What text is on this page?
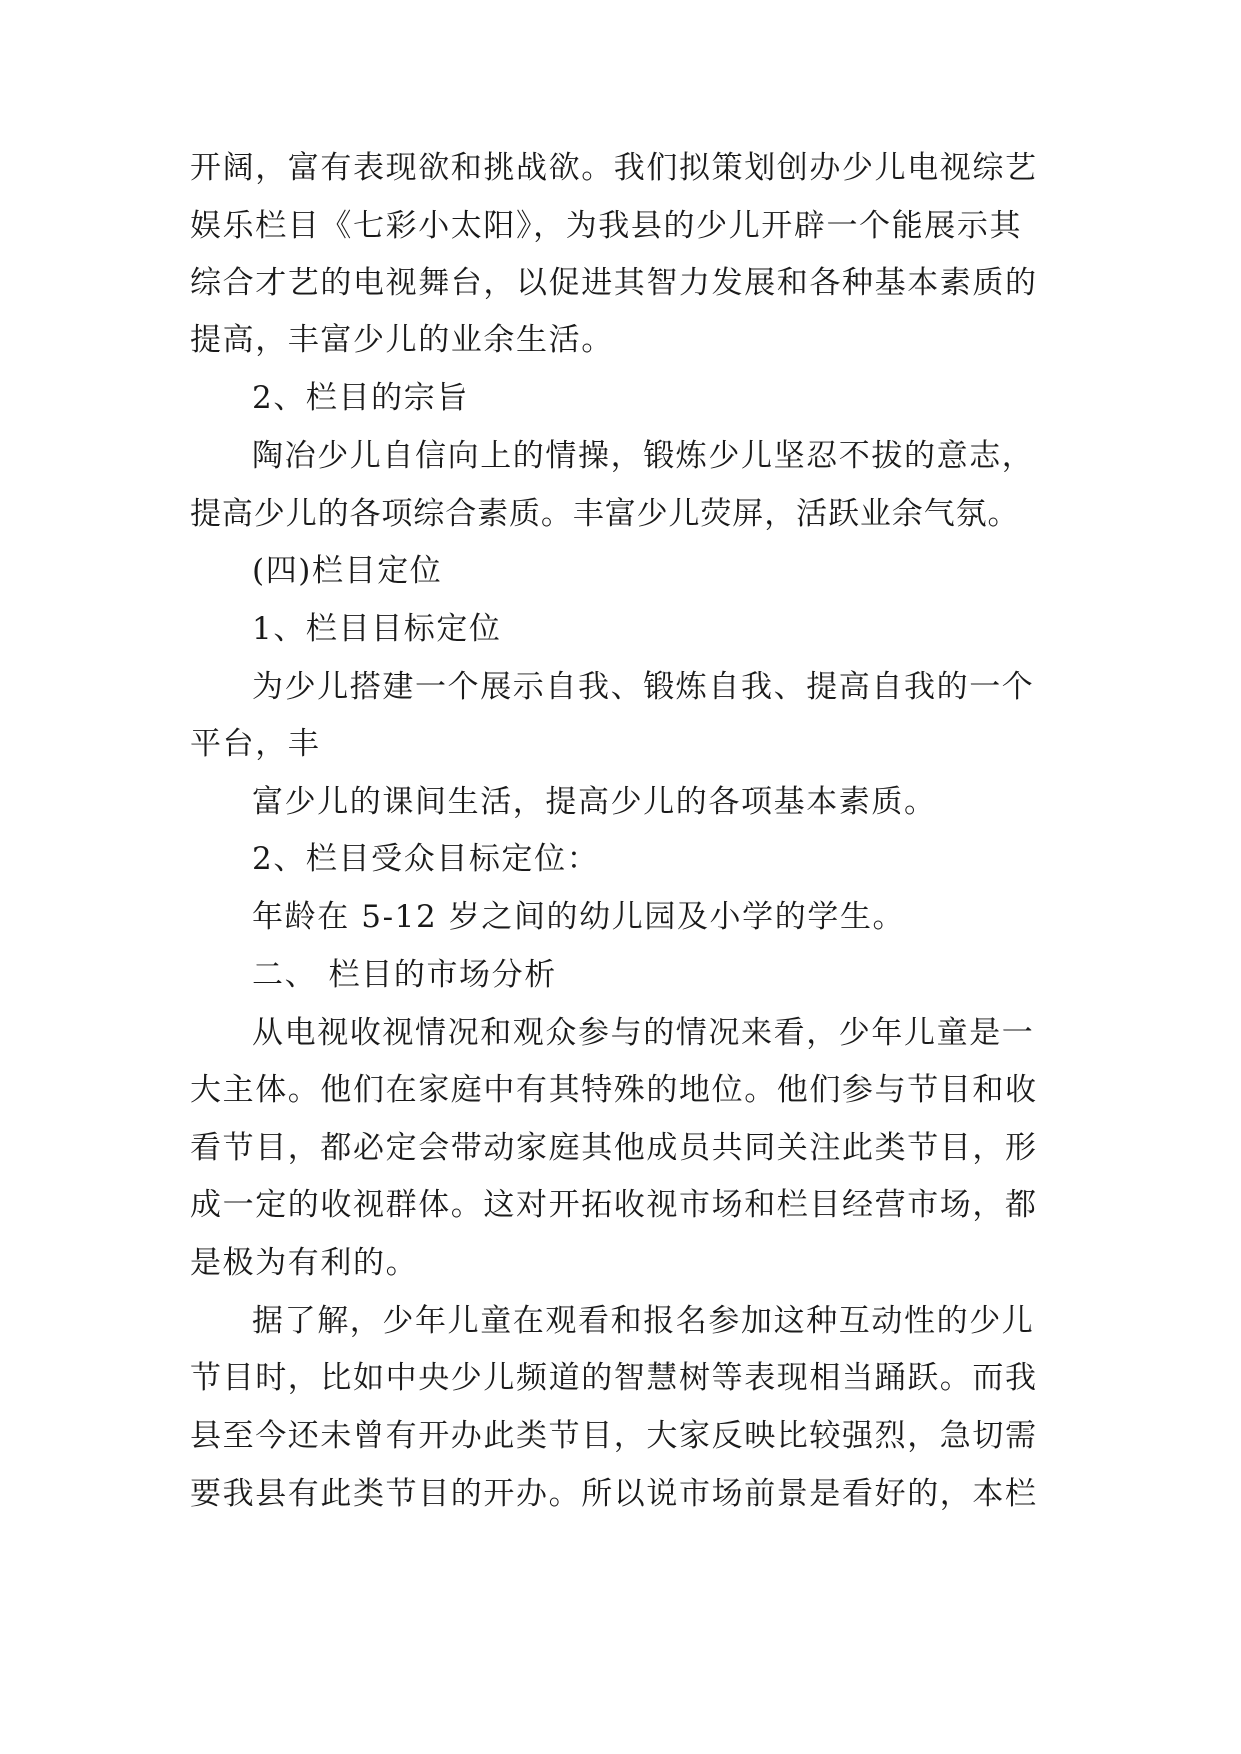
开阔，富有表现欲和挑战欲。我们拟策划创办少儿电视综艺
娱乐栏目《七彩小太阳》，为我县的少儿开辟一个能展示其
综合才艺的电视舞台，以促进其智力发展和各种基本素质的
提高，丰富少儿的业余生活。
2、栏目的宗旨
陶冶少儿自信向上的情操，锻炼少儿坚忍不拔的意志，
提高少儿的各项综合素质。丰富少儿荧屏，活跃业余气氛。
(四)栏目定位
1、栏目目标定位
为少儿搭建一个展示自我、锻炼自我、提高自我的一个
平台，丰
富少儿的课间生活，提高少儿的各项基本素质。
2、栏目受众目标定位：
年龄在 5-12 岁之间的幼儿园及小学的学生。
二、 栏目的市场分析
从电视收视情况和观众参与的情况来看，少年儿童是一
大主体。他们在家庭中有其特殊的地位。他们参与节目和收
看节目，都必定会带动家庭其他成员共同关注此类节目，形
成一定的收视群体。这对开拓收视市场和栏目经营市场，都
是极为有利的。
据了解，少年儿童在观看和报名参加这种互动性的少儿
节目时，比如中央少儿频道的智慧树等表现相当踊跃。而我
县至今还未曾有开办此类节目，大家反映比较强烈，急切需
要我县有此类节目的开办。所以说市场前景是看好的，本栏
